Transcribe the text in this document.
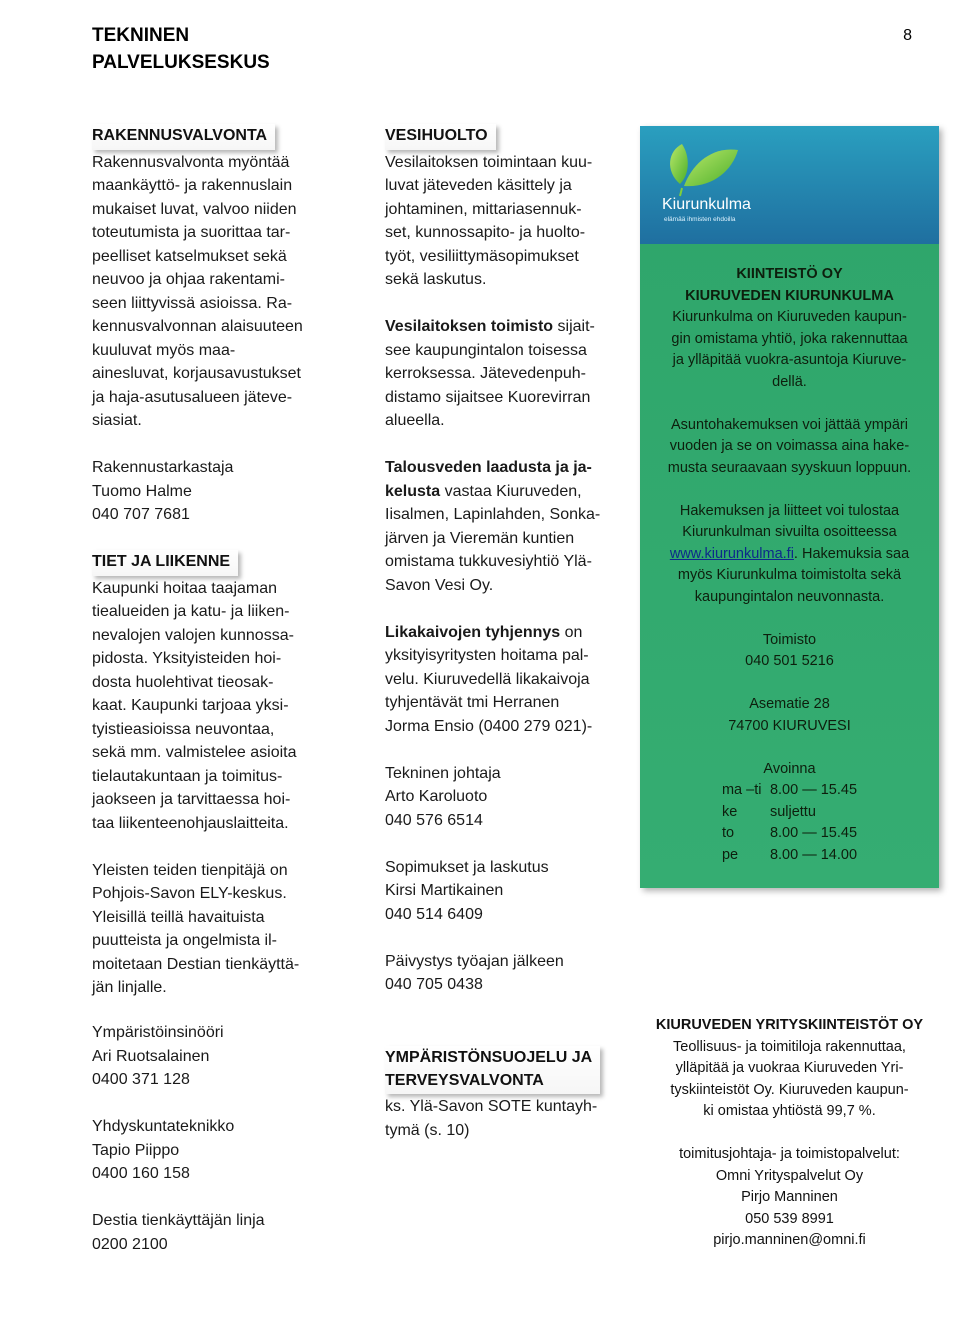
TEKNINEN
PALVELUKSESKUS
8
RAKENNUSVALVONTA

Rakennusvalvonta myöntää

maankäyttö- ja rakennuslain

mukaiset luvat, valvoo niiden

toteutumista ja suorittaa tar-

peelliset katselmukset sekä

neuvoo ja ohjaa rakentami-

seen liittyvissä asioissa. Ra-

kennusvalvonnan alaisuuteen

kuuluvat myös maa-

ainesluvat, korjausavustukset

ja haja-asutusalueen jäteve-

siasiat.

Rakennustarkastaja

Tuomo Halme

040 707 7681

TIET JA LIIKENNE

Kaupunki hoitaa taajaman

tiealueiden ja katu- ja liiken-

nevalojen valojen kunnossa-

pidosta. Yksityisteiden hoi-

dosta huolehtivat tieosak-

kaat. Kaupunki tarjoaa yksi-

tyistieasioissa neuvontaa,

sekä mm. valmistelee asioita

tielautakuntaan ja toimitus-

jaokseen ja tarvittaessa hoi-

taa liikenteenohjauslaitteita.

Yleisten teiden tienpitäjä on

Pohjois-Savon ELY-keskus.

Yleisillä teillä havaituista

puutteista ja ongelmista il-

moitetaan Destian tienkäyttä-

jän linjalle.

Ympäristöinsinööri

Ari Ruotsalainen

0400 371 128

Yhdyskuntateknikko

Tapio Piippo

0400 160 158

Destia tienkäyttäjän linja

0200 2100

VESIHUOLTO

Vesilaitoksen toimintaan kuu-

luvat jäteveden käsittely ja

johtaminen, mittariasennuk-

set, kunnossapito- ja huolto-

työt, vesiliittymäsopimukset

sekä laskutus.

Vesilaitoksen toimisto sijait-

see kaupungintalon toisessa

kerroksessa. Jätevedenpuh-

distamo sijaitsee Kuorevirran

alueella.

Talousveden laadusta ja ja-

kelusta vastaa Kiuruveden,

Iisalmen, Lapinlahden, Sonka-

järven ja Vieremän kuntien

omistama tukkuvesiyhtiö Ylä-

Savon Vesi Oy.

Likakaivojen tyhjennys on

yksityisyritysten hoitama pal-

velu. Kiuruvedellä likakaivoja

tyhjentävät tmi Herranen

Jorma Ensio (0400 279 021)-

Tekninen johtaja

Arto Karoluoto

040 576 6514

Sopimukset ja laskutus

Kirsi Martikainen

040 514 6409

Päivystys työajan jälkeen

040 705 0438

YMPÄRISTÖNSUOJELU JA
TERVEYSVALVONTA

ks. Ylä-Savon SOTE kuntayh-

tymä (s. 10)

Kiurunkulma
elämää ihmisten ehdoilla

KIINTEISTÖ OY

KIURUVEDEN KIURUNKULMA

Kiurunkulma on Kiuruveden kaupun-

gin omistama yhtiö, joka rakennuttaa

ja ylläpitää vuokra-asuntoja Kiuruve-

dellä.

Asuntohakemuksen voi jättää ympäri

vuoden ja se on voimassa aina hake-

musta seuraavaan syyskuun loppuun.

Hakemuksen ja liitteet voi tulostaa

Kiurunkulman sivuilta osoitteessa

www.kiurunkulma.fi. Hakemuksia saa

myös Kiurunkulma toimistolta sekä

kaupungintalon neuvonnasta.

Toimisto

040 501 5216

Asematie 28

74700 KIURUVESI

Avoinna

ma –ti 8.00 — 15.45
ke suljettu
to 8.00 — 15.45
pe 8.00 — 14.00

KIURUVEDEN YRITYSKIINTEISTÖT OY

Teollisuus- ja toimitiloja rakennuttaa,

ylläpitää ja vuokraa Kiuruveden Yri-

tyskiinteistöt Oy. Kiuruveden kaupun-

ki omistaa yhtiöstä 99,7 %.

toimitusjohtaja- ja toimistopalvelut:

Omni Yrityspalvelut Oy

Pirjo Manninen

050 539 8991

pirjo.manninen@omni.fi
